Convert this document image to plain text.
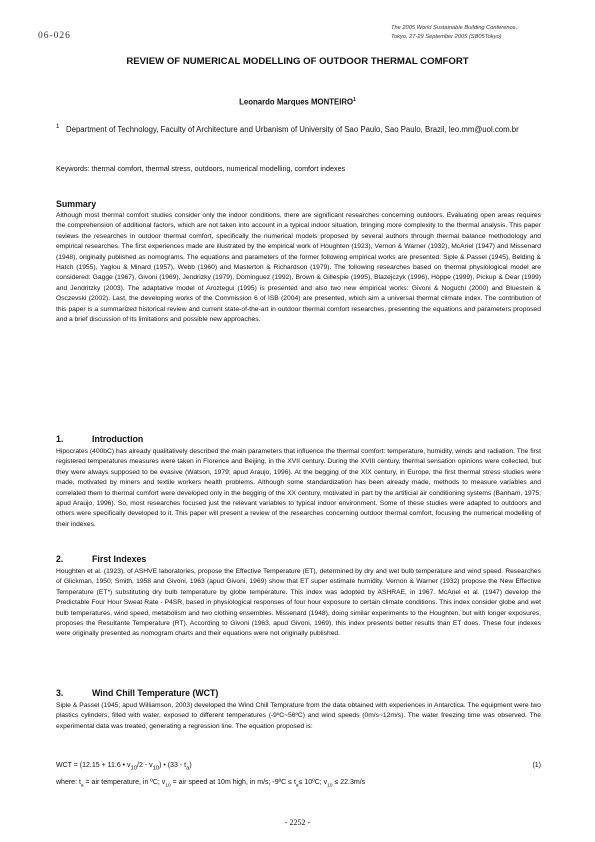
06-026
The 2005 World Sustainable Building Conference,
Tokyo, 27-29 September 2005 (SB05Tokyo)
REVIEW OF NUMERICAL MODELLING OF OUTDOOR THERMAL COMFORT
Leonardo Marques MONTEIRO$^1$
1 Department of Technology, Faculty of Architecture and Urbanism of University of Sao Paulo, Sao Paulo, Brazil, leo.mm@uol.com.br
Keywords: thermal comfort, thermal stress, outdoors, numerical modelling, comfort indexes
Summary
Although most thermal comfort studies consider only the indoor conditions, there are significant researches concerning outdoors. Evaluating open areas requires the comprehension of additional factors, which are not taken into account in a typical indoor situation, bringing more complexity to the thermal analysis. This paper reviews the researches in outdoor thermal comfort, specifically the numerical models proposed by several authors through thermal balance methodology and empirical researches. The first experiences made are illustrated by the empirical work of Houghten (1923), Vernon & Warner (1932), McAriel (1947) and Missenard (1948), originally published as nomograms. The equations and parameters of the former following empirical works are presented: Siple & Passel (1945), Belding & Hatch (1955), Yaglou & Minard (1957), Webb (1960) and Masterton & Richardson (1979). The following researches based on thermal physiological model are considered: Gagge (1967), Givoni (1969), Jendrizky (1979), Dominguez (1992), Brown & Gillespie (1995), Blazejczyk (1996), Höppe (1999), Pickup & Dear (1999) and Jendritzky (2003). The adaptative model of Aroztegui (1995) is presented and also two new empirical works: Givoni & Noguchi (2000) and Bluestein & Osczevski (2002). Last, the developing works of the Commission 6 of ISB (2004) are presented, which aim a universal thermal climate index. The contribution of this paper is a summarized historical review and current state-of-the-art in outdoor thermal comfort researches, presenting the equations and parameters proposed and a brief discussion of its limitations and possible new approaches.
1.	Introduction
Hipocrates (400bC) has already qualitatively described the main parameters that influence the thermal comfort: temperature, humidity, winds and radiation. The first registered temperatures measures were taken in Florence and Beijing, in the XVII century. During the XVIII century, thermal sensation opinions were collected, but they were always supposed to be evasive (Watson, 1979; apud Araujo, 1996). At the begging of the XIX century, in Europe, the first thermal stress studies were made, motivated by miners and textile workers health problems. Although some standardization has been already made, methods to measure variables and correlated them to thermal comfort were developed only in the begging of the XX century, motivated in part by the artificial air conditioning systems (Banham, 1975; apud Araujo, 1996). So, most researches focused just the relevant variables to typical indoor environment. Some of these studies were adapted to outdoors and others were specifically developed to it. This paper will present a review of the researches concerning outdoor thermal comfort, focusing the numerical modelling of their indexes.
2.	First Indexes
Houghten et al. (1923), of ASHVE laboratories, propose the Effective Temperature (ET), determined by dry and wet bulb temperature and wind speed. Researches of Glickman, 1950; Smith, 1958 and Givoni, 1963 (apud Givoni, 1969) show that ET super estimate humidity. Vernon & Warner (1932) propose the New Effective Temperature (ET*) substituting dry bulb temperature by globe temperature. This index was adopted by ASHRAE, in 1967. McAriel et al. (1947) develop the Predictable Four Hour Sweat Rate - P4SR, based in physiological responses of four hour exposure to certain climate conditions. This index consider globe and wet bulb temperatures, wind speed, metabolism and two clothing ensembles. Missenard (1948), doing similar experiments to the Houghten, but with longer exposures, proposes the Resultante Temperature (RT). According to Givoni (1963, apud Givoni, 1969), this index presents better results than ET does. These four indexes were originally presented as nomogram charts and their equations were not originally published.
3.	Wind Chill Temperature (WCT)
Siple & Passel (1945; apud Williamson, 2003) developed the Wind Chill Temprature from the data obtained with experiences in Antarctica. The equipment were two plastics cylinders, filled with water, exposed to different temperatures (-9ºC~56ºC) and wind speeds (0m/s~12m/s). The water freezing time was observed. The experimental data was treated, generating a regression line. The equation proposed is:
WCT = (12.15 + 11.6 • $v_{10}/2 - v_{10}$) • $(33 - t_a)$	(1)
where: $t_a$ = air temperature, in ºC; $v_{10}$ = air speed at 10m high, in m/s; -9ºC ≤ $t_a\le$ 10ºC; $v_{10} \le 22.3m/s$
- 2252 -
